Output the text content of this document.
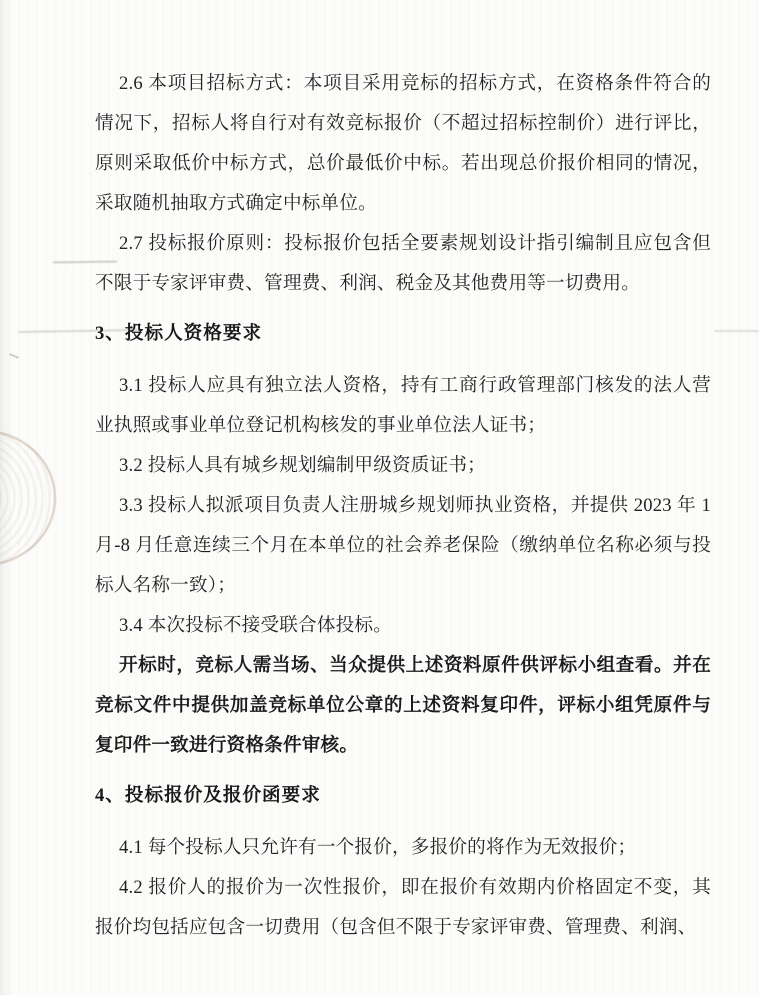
2.6 本项目招标方式：本项目采用竞标的招标方式，在资格条件符合的情况下，招标人将自行对有效竞标报价（不超过招标控制价）进行评比，原则采取低价中标方式，总价最低价中标。若出现总价报价相同的情况，采取随机抽取方式确定中标单位。

2.7 投标报价原则：投标报价包括全要素规划设计指引编制且应包含但不限于专家评审费、管理费、利润、税金及其他费用等一切费用。

3、投标人资格要求

3.1 投标人应具有独立法人资格，持有工商行政管理部门核发的法人营业执照或事业单位登记机构核发的事业单位法人证书；

3.2 投标人具有城乡规划编制甲级资质证书；

3.3 投标人拟派项目负责人注册城乡规划师执业资格，并提供 2023 年 1 月-8 月任意连续三个月在本单位的社会养老保险（缴纳单位名称必须与投标人名称一致）；

3.4 本次投标不接受联合体投标。

开标时，竞标人需当场、当众提供上述资料原件供评标小组查看。并在竞标文件中提供加盖竞标单位公章的上述资料复印件，评标小组凭原件与复印件一致进行资格条件审核。

4、投标报价及报价函要求

4.1 每个投标人只允许有一个报价，多报价的将作为无效报价；

4.2 报价人的报价为一次性报价，即在报价有效期内价格固定不变，其报价均包括应包含一切费用（包含但不限于专家评审费、管理费、利润、
